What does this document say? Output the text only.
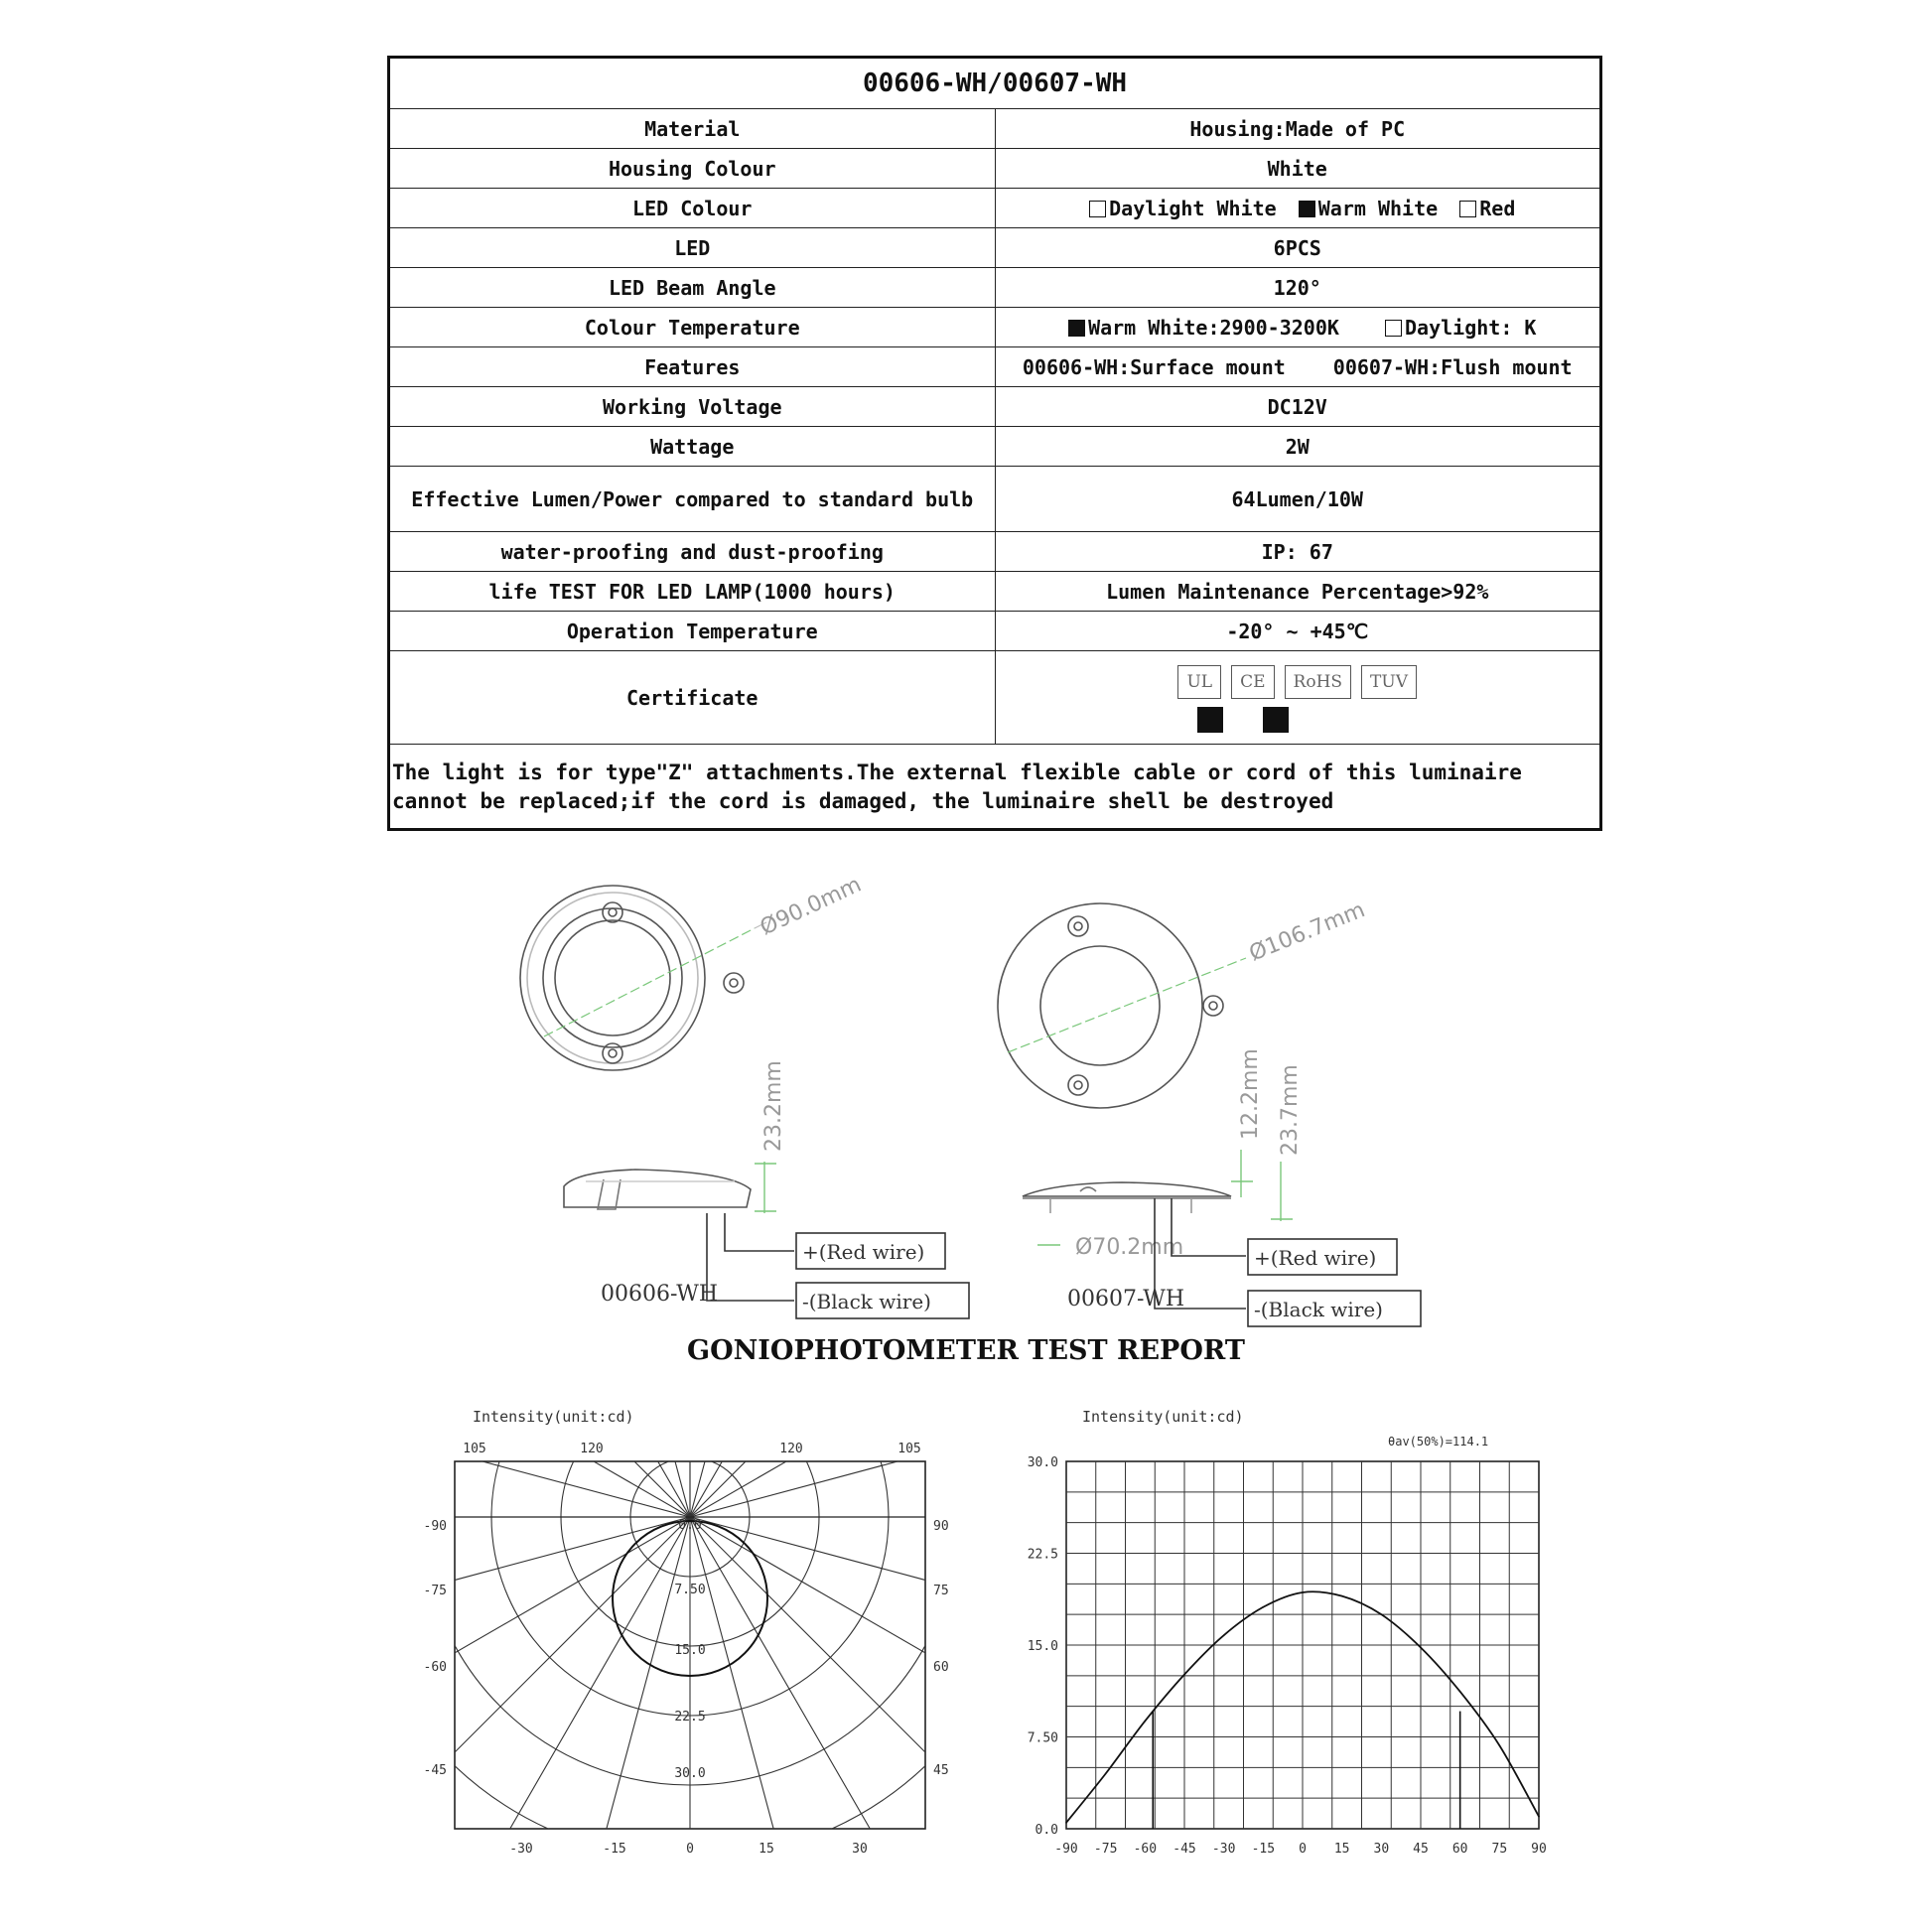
00606-WH/00607-WH	
Material	Housing:Made of PC
Housing Colour	White
LED Colour	Daylight White Warm White Red
LED	6PCS
LED Beam Angle	120°
Colour Temperature	Warm White:2900-3200K Daylight: K
Features	00606-WH:Surface mount 00607-WH:Flush mount
Working Voltage	DC12V
Wattage	2W
Effective Lumen/Power compared to standard bulb	64Lumen/10W
water-proofing and dust-proofing	IP: 67
life TEST FOR LED LAMP(1000 hours)	Lumen Maintenance Percentage>92%
Operation Temperature	-20° ~ +45℃
Certificate	UL CE RoHS TUV

The light is for type"Z" attachments.The external flexible cable or cord of this luminaire cannot be replaced;if the cord is damaged, the luminaire shell be destroyed	
Ø90.0mm
23.2mm
+(Red wire)
-(Black wire)
00606-WH
Ø106.7mm
12.2mm 23.7mm
Ø70.2mm	+(Red wire)
-(Black wire)
00607-WH
GONIOPHOTOMETER TEST REPORT
Intensity(unit:cd)
0.0
7.50
15.0
22.5
30.0
105	120	120	105
-90
-75
-60
-45
90
75
60
45
-30	-15	0	15	30
Intensity(unit:cd)
θav(50%)=114.1
0.0
7.50
15.0
22.5
30.0
-90 -75 -60 -45 -30 -15 0 15 30 45 60 75 90
